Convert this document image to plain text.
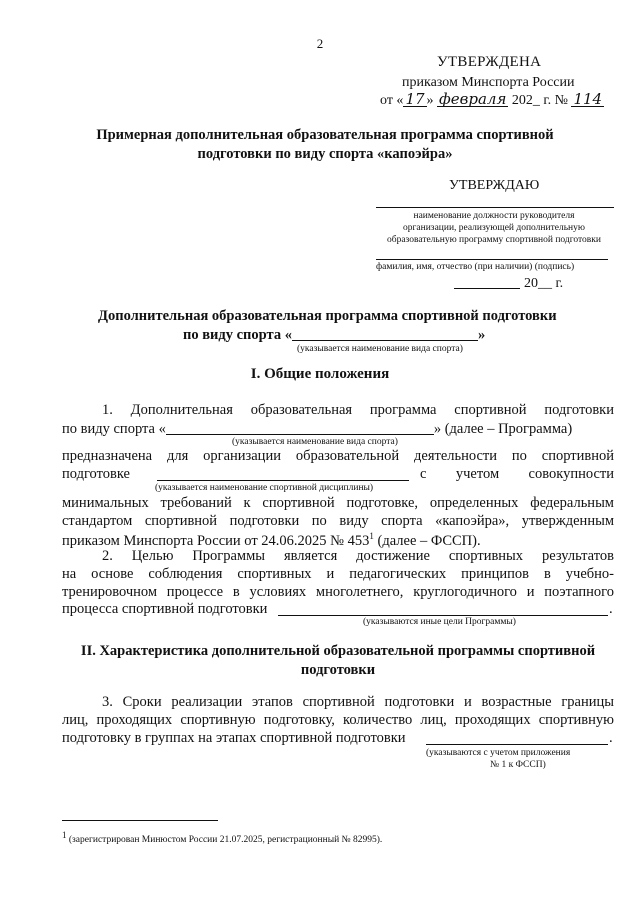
2
УТВЕРЖДЕНА
приказом Минспорта России
от « 17 » февраля 202_ г. № 114
Примерная дополнительная образовательная программа спортивной
подготовки по виду спорта «капоэйра»
УТВЕРЖДАЮ
наименование должности руководителя
организации, реализующей дополнительную
образовательную программу спортивной подготовки
фамилия, имя, отчество (при наличии) (подпись)
20__ г.
Дополнительная образовательная программа спортивной подготовки
по виду спорта «	»
(указывается наименование вида спорта)
I. Общие положения
1. Дополнительная образовательная программа спортивной подготовки
по виду спорта «	» (далее – Программа)
(указывается наименование вида спорта)
предназначена для организации образовательной деятельности по спортивной
подготовке	с учетом совокупности
(указывается наименование спортивной дисциплины)
минимальных требований к спортивной подготовке, определенных федеральным
стандартом спортивной подготовки по виду спорта «капоэйра», утвержденным
приказом Минспорта России от 24.06.2025 № $453^1$ (далее – ФССП).
2. Целью Программы является достижение спортивных результатов
на основе соблюдения спортивных и педагогических принципов в учебно-
тренировочном процессе в условиях многолетнего, круглогодичного и поэтапного
процесса спортивной подготовки	.
(указываются иные цели Программы)
II. Характеристика дополнительной образовательной программы спортивной
подготовки
3. Сроки реализации этапов спортивной подготовки и возрастные границы
лиц, проходящих спортивную подготовку, количество лиц, проходящих спортивную
подготовку в группах на этапах спортивной подготовки	.
(указываются с учетом приложения
№ 1 к ФССП)
$^1$ (зарегистрирован Минюстом России 21.07.2025, регистрационный № 82995).
